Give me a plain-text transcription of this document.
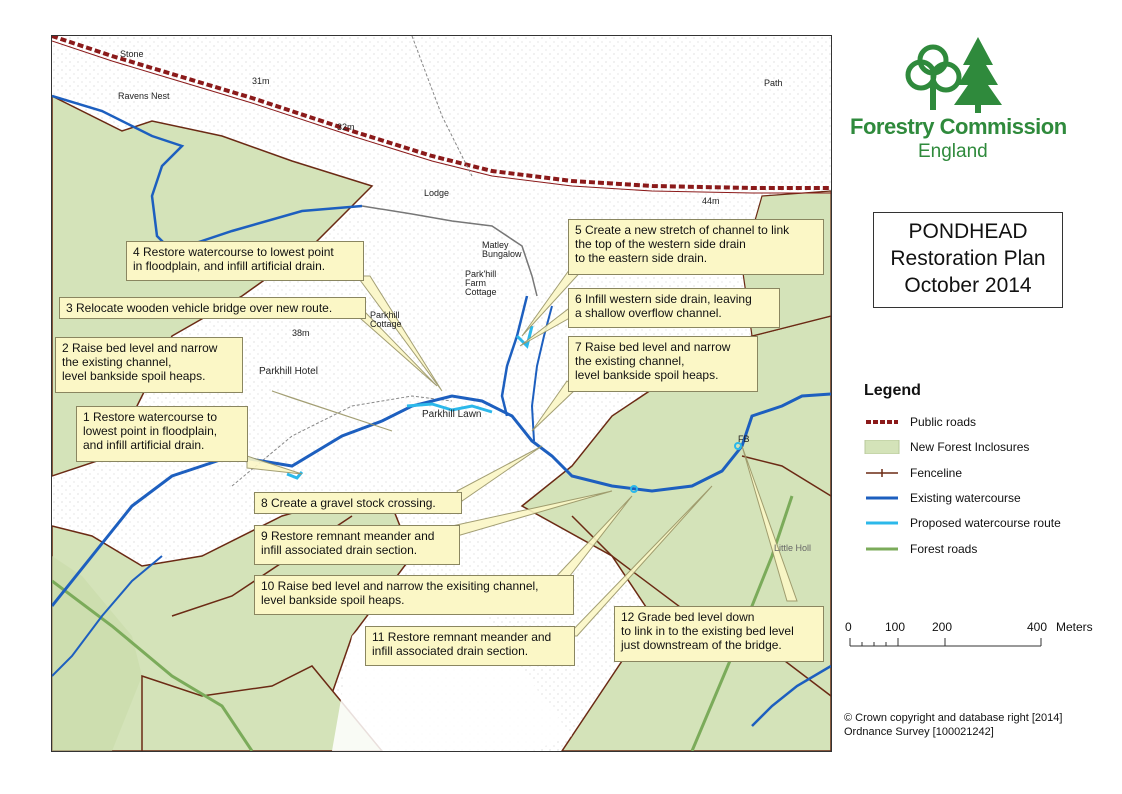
Parkhill Lawn
Parkhill Hotel
Lodge
Stone
Ravens Nest
Path
31m
32m
38m
44m
FB
Little Holl
Park'hill Farm Cottage
Matley Bungalow
Parkhill Cottage
1 Restore watercourse to
lowest point in floodplain,
and infill artificial drain.
2 Raise bed level and narrow
the existing channel,
level bankside spoil heaps.
3 Relocate wooden vehicle bridge over new route.
4 Restore watercourse to lowest point
in floodplain, and infill artificial drain.
5 Create a new stretch of channel to link
the top of the western side drain
to the eastern side drain.
6 Infill western side drain, leaving
a shallow overflow channel.
7 Raise bed level and narrow
the existing channel,
level bankside spoil heaps.
8 Create a gravel stock crossing.
9 Restore remnant meander and
infill associated drain section.
10 Raise bed level and narrow the exisiting channel,
level bankside spoil heaps.
11 Restore remnant meander and
infill associated drain section.
12 Grade bed level down
to link in to the existing bed level
just downstream of the bridge.
Forestry Commission
England
PONDHEAD
Restoration Plan
October 2014
Legend
Public roads
New Forest Inclosures
Fenceline
Existing watercourse
Proposed watercourse route
Forest roads
0	100 200	400 Meters
© Crown copyright and database right [2014]
Ordnance Survey [100021242]
